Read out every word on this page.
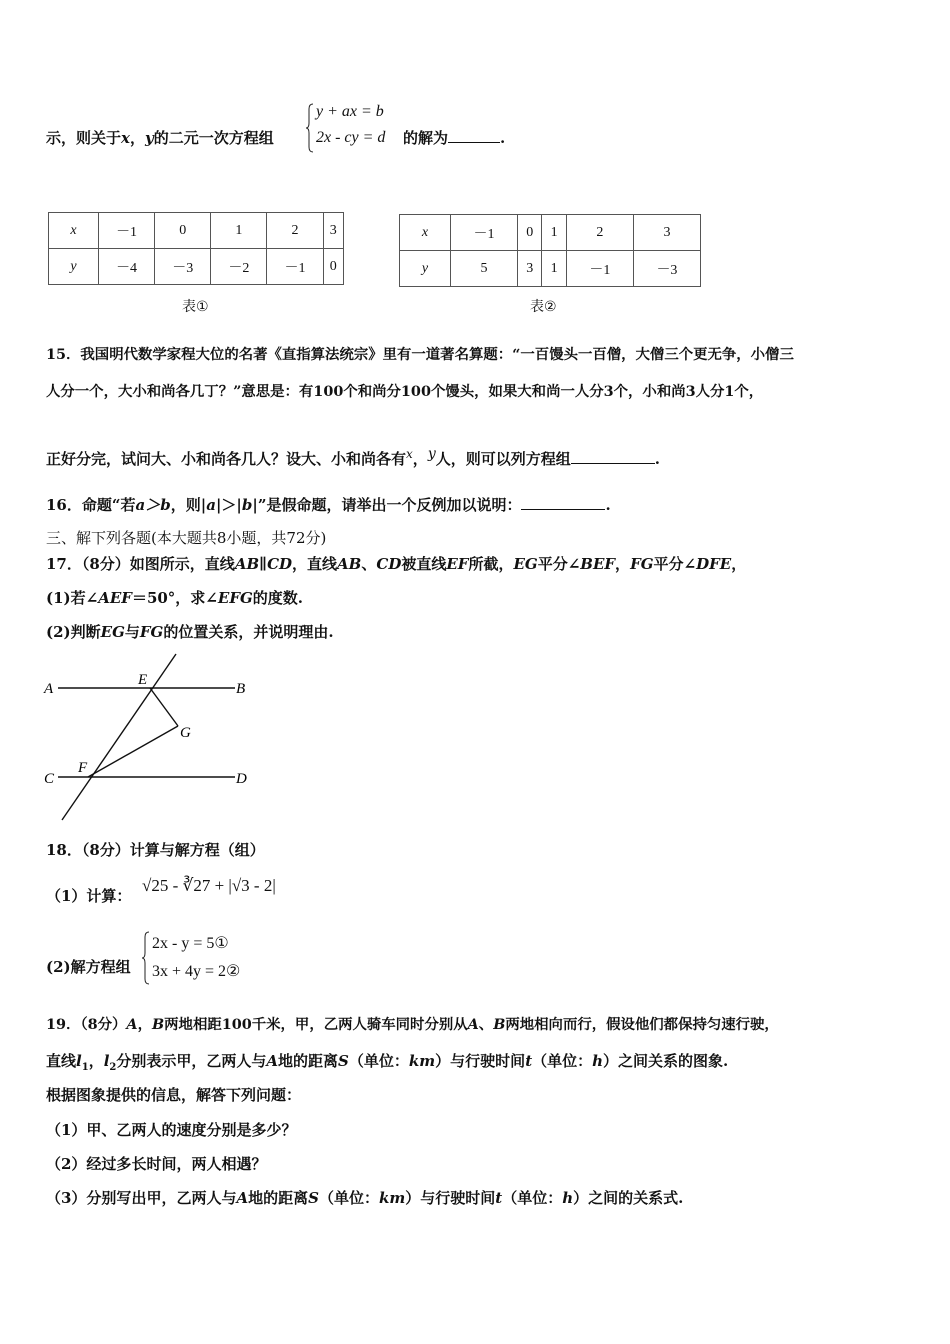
示，则关于x，y的二元一次方程组
y + ax = b
2x - cy = d 的解为	.
x	－1	0	1	2	3
y	－4	－3	－2	－1	0
表①
x	－1	0	1	2	3
y	5	3	1	－1	－3
表②
15．我国明代数学家程大位的名著《直指算法统宗》里有一道著名算题：“一百馒头一百僧，大僧三个更无争，小僧三
人分一个，大小和尚各几丁？”意思是：有100个和尚分100个馒头，如果大和尚一人分3个，小和尚3人分1个，
正好分完，试问大、小和尚各几人？设大、小和尚各有$^x$，$^y$人，则可以列方程组	.
16．命题“若a＞b，则|a|＞|b|”是假命题，请举出一个反例加以说明：	.
三、解下列各题(本大题共8小题，共72分)
17．（8分）如图所示，直线AB∥CD，直线AB、CD被直线EF所截，EG平分∠BEF，FG平分∠DFE，
(1)若∠AEF＝50°，求∠EFG的度数.
(2)判断EG与FG的位置关系，并说明理由.
A	B
E
G
F
C	D
18．（8分）计算与解方程（组）
（1）计算：
√25 - ∛27 + |√3 - 2|
(2)解方程组
2x - y = 5①
3x + 4y = 2②
19．（8分）A，B两地相距100千米，甲，乙两人骑车同时分别从A、B两地相向而行，假设他们都保持匀速行驶，
直线$l_1$，$l_2$分别表示甲，乙两人与A地的距离S（单位：km）与行驶时间t（单位：h）之间关系的图象.
根据图象提供的信息，解答下列问题：
（1）甲、乙两人的速度分别是多少？
（2）经过多长时间，两人相遇？
（3）分别写出甲，乙两人与A地的距离S（单位：km）与行驶时间t（单位：h）之间的关系式.
